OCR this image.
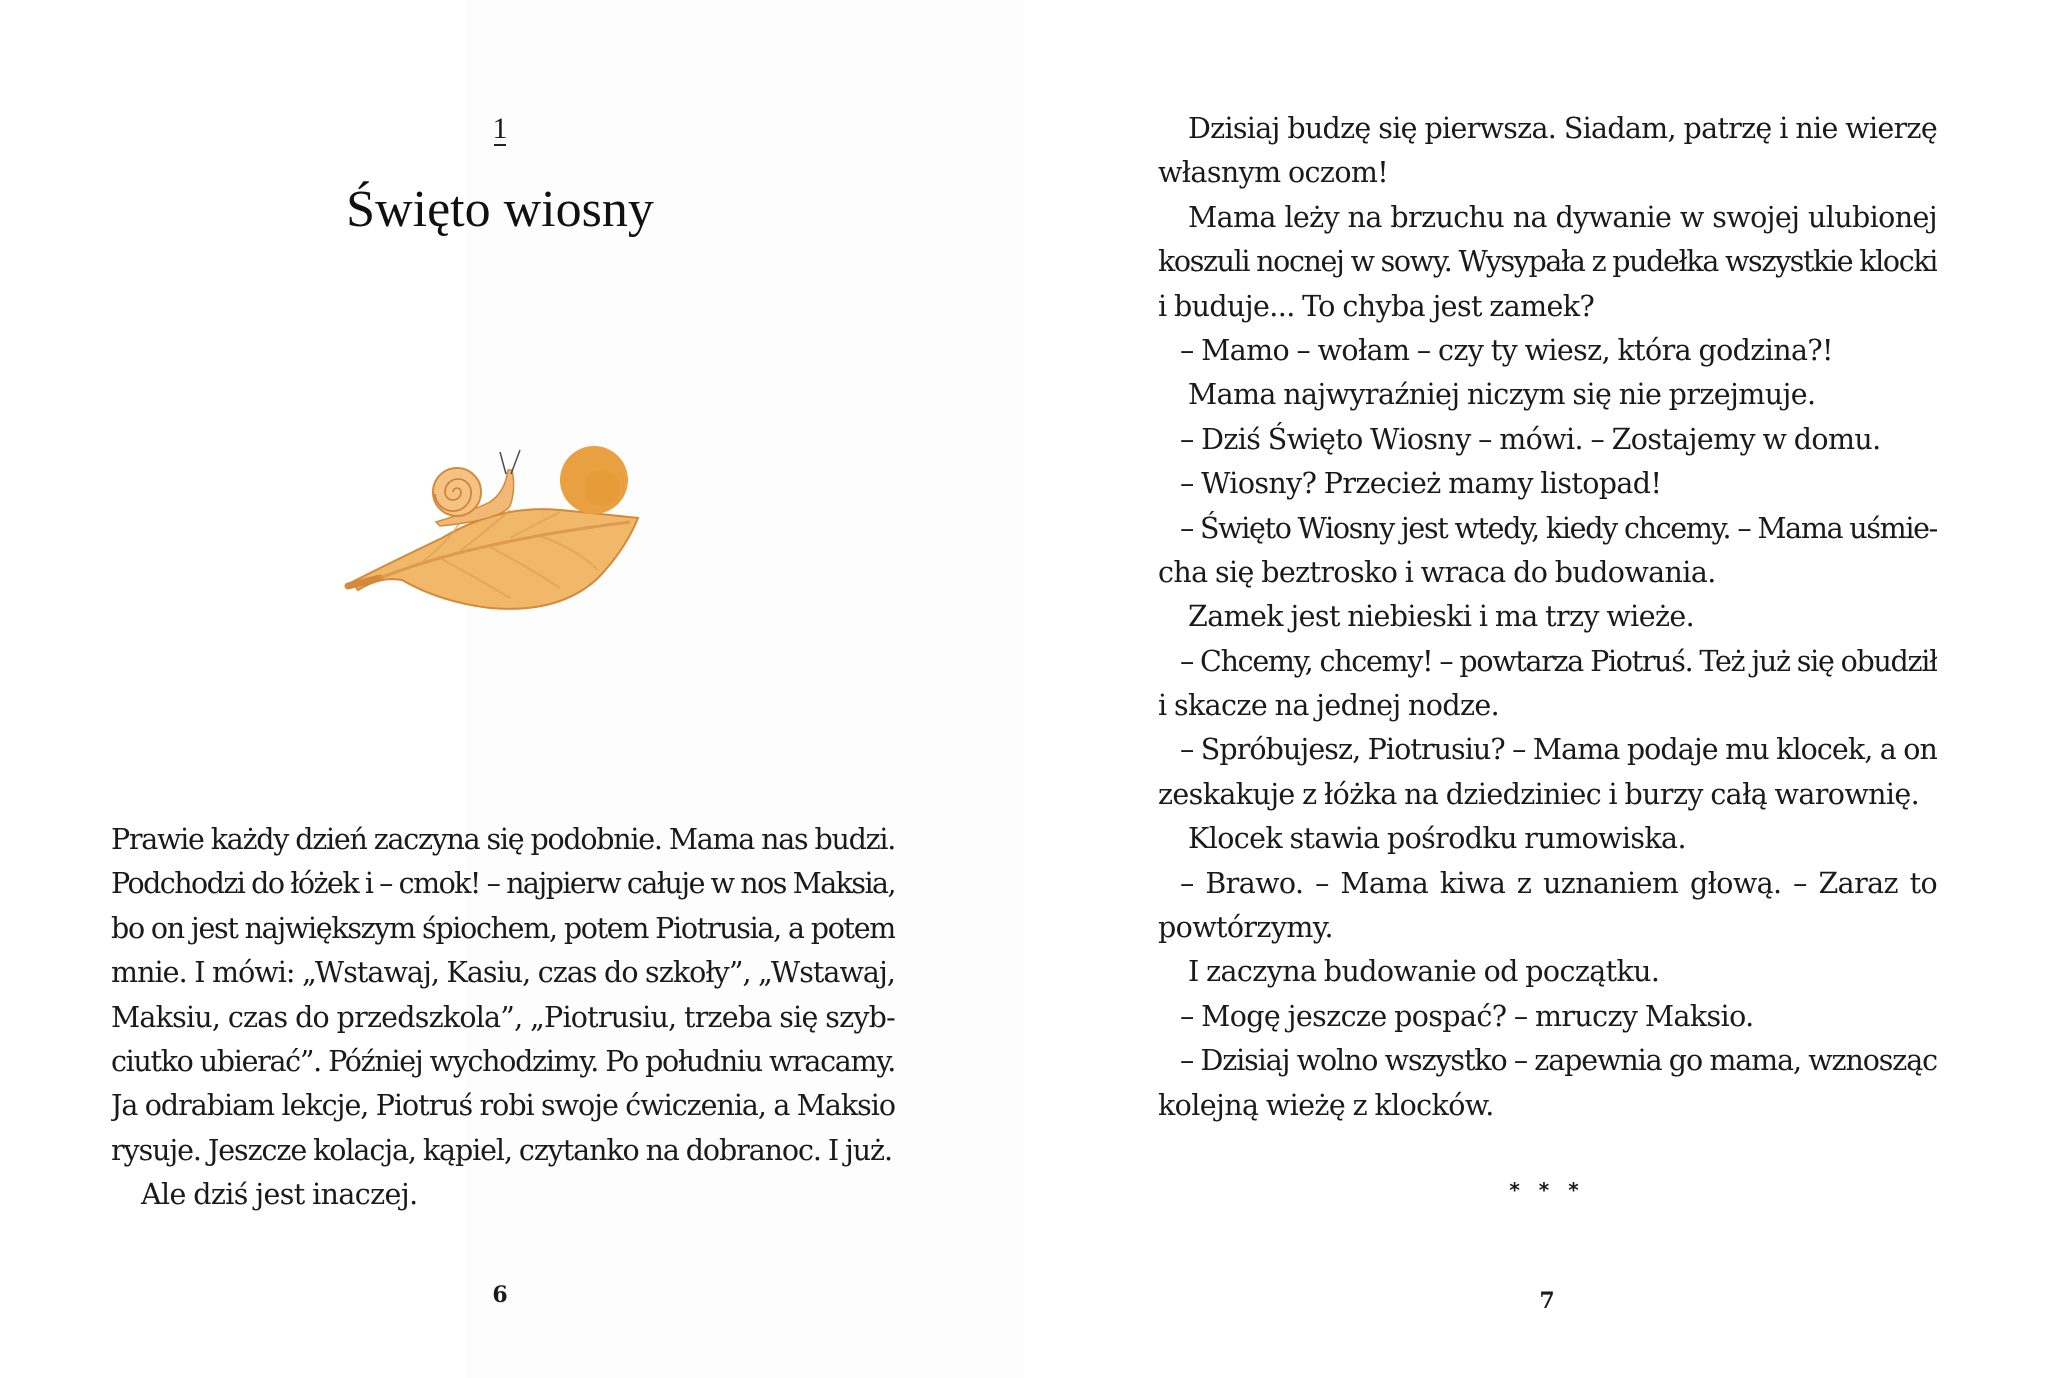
1
Święto wiosny
Prawie każdy dzień zaczyna się podobnie. Mama nas budzi.
Podchodzi do łóżek i – cmok! – najpierw całuje w nos Maksia,
bo on jest największym śpiochem, potem Piotrusia, a potem
mnie. I mówi: „Wstawaj, Kasiu, czas do szkoły”, „Wstawaj,
Maksiu, czas do przedszkola”, „Piotrusiu, trzeba się szyb-
ciutko ubierać”. Później wychodzimy. Po południu wracamy.
Ja odrabiam lekcje, Piotruś robi swoje ćwiczenia, a Maksio
rysuje. Jeszcze kolacja, kąpiel, czytanko na dobranoc. I już.
Ale dziś jest inaczej.
6
Dzisiaj budzę się pierwsza. Siadam, patrzę i nie wierzę
własnym oczom!
Mama leży na brzuchu na dywanie w swojej ulubionej
koszuli nocnej w sowy. Wysypała z pudełka wszystkie klocki
i buduje... To chyba jest zamek?
– Mamo – wołam – czy ty wiesz, która godzina?!
Mama najwyraźniej niczym się nie przejmuje.
– Dziś Święto Wiosny – mówi. – Zostajemy w domu.
– Wiosny? Przecież mamy listopad!
– Święto Wiosny jest wtedy, kiedy chcemy. – Mama uśmie-
cha się beztrosko i wraca do budowania.
Zamek jest niebieski i ma trzy wieże.
– Chcemy, chcemy! – powtarza Piotruś. Też już się obudził
i skacze na jednej nodze.
– Spróbujesz, Piotrusiu? – Mama podaje mu klocek, a on
zeskakuje z łóżka na dziedziniec i burzy całą warownię.
Klocek stawia pośrodku rumowiska.
– Brawo. – Mama kiwa z uznaniem głową. – Zaraz to
powtórzymy.
I zaczyna budowanie od początku.
– Mogę jeszcze pospać? – mruczy Maksio.
– Dzisiaj wolno wszystko – zapewnia go mama, wznosząc
kolejną wieżę z klocków.
* * *
7
